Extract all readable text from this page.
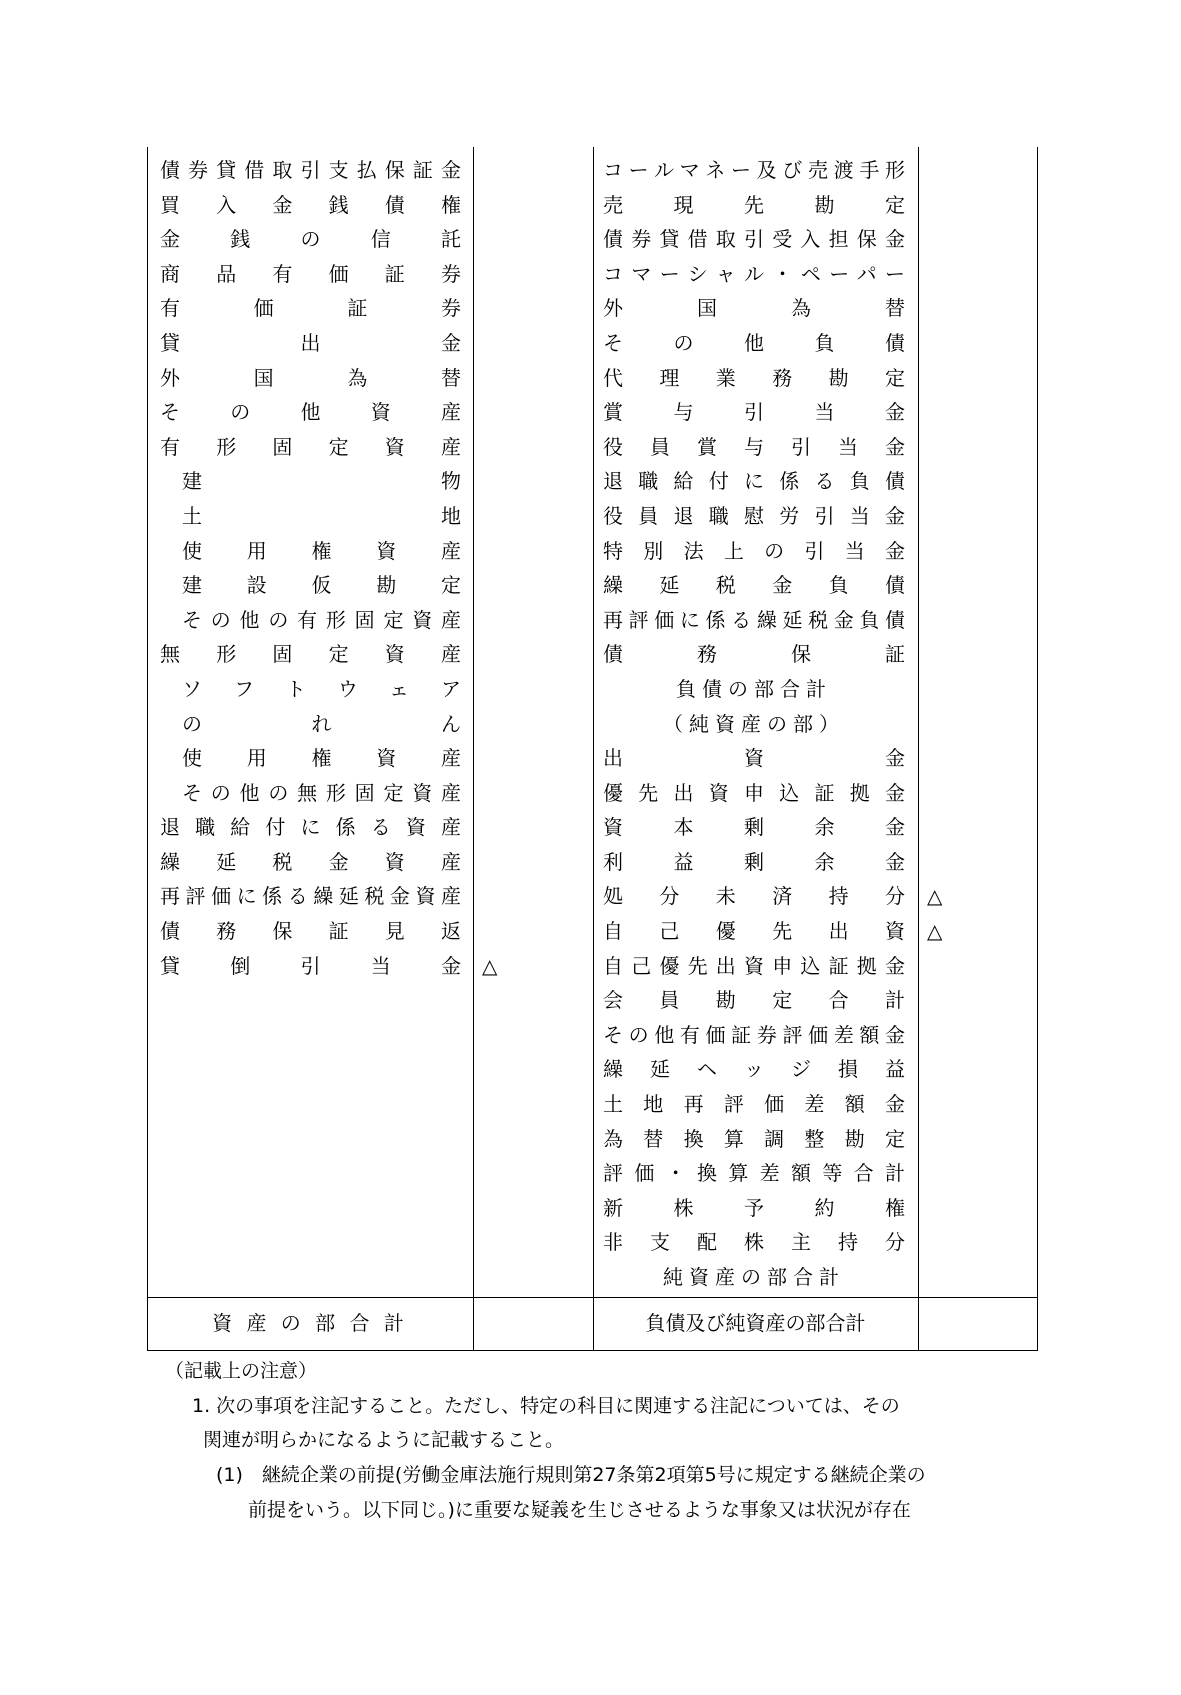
債券貸借取引支払保証金
買入金銭債権
金銭の信託
商品有価証券
有価証券
貸出金
外国為替
その他資産
有形固定資産
建物
土地
使用権資産
建設仮勘定
その他の有形固定資産
無形固定資産
ソフトウェア
のれん
使用権資産
その他の無形固定資産
退職給付に係る資産
繰延税金資産
再評価に係る繰延税金資産
債務保証見返
貸倒引当金 △
コールマネー及び売渡手形
売現先勘定
債券貸借取引受入担保金
コマーシャル・ペーパー
外国為替
その他負債
代理業務勘定
賞与引当金
役員賞与引当金
退職給付に係る負債
役員退職慰労引当金
特別法上の引当金
繰延税金負債
再評価に係る繰延税金負債
債務保証
負債の部合計
（純資産の部）
出資金
優先出資申込証拠金
資本剰余金
利益剰余金
処分未済持分
自己優先出資
自己優先出資申込証拠金
会員勘定合計
その他有価証券評価差額金
繰延ヘッジ損益
土地再評価差額金
為替換算調整勘定
評価・換算差額等合計
新株予約権
非支配株主持分
純資産の部合計
△
△
資 産 の 部 合 計	負債及び純資産の部合計
（記載上の注意）
1. 次の事項を注記すること。ただし、特定の科目に関連する注記については、その
関連が明らかになるように記載すること。
(1)　継続企業の前提(労働金庫法施行規則第27条第2項第5号に規定する継続企業の
前提をいう。以下同じ。)に重要な疑義を生じさせるような事象又は状況が存在
